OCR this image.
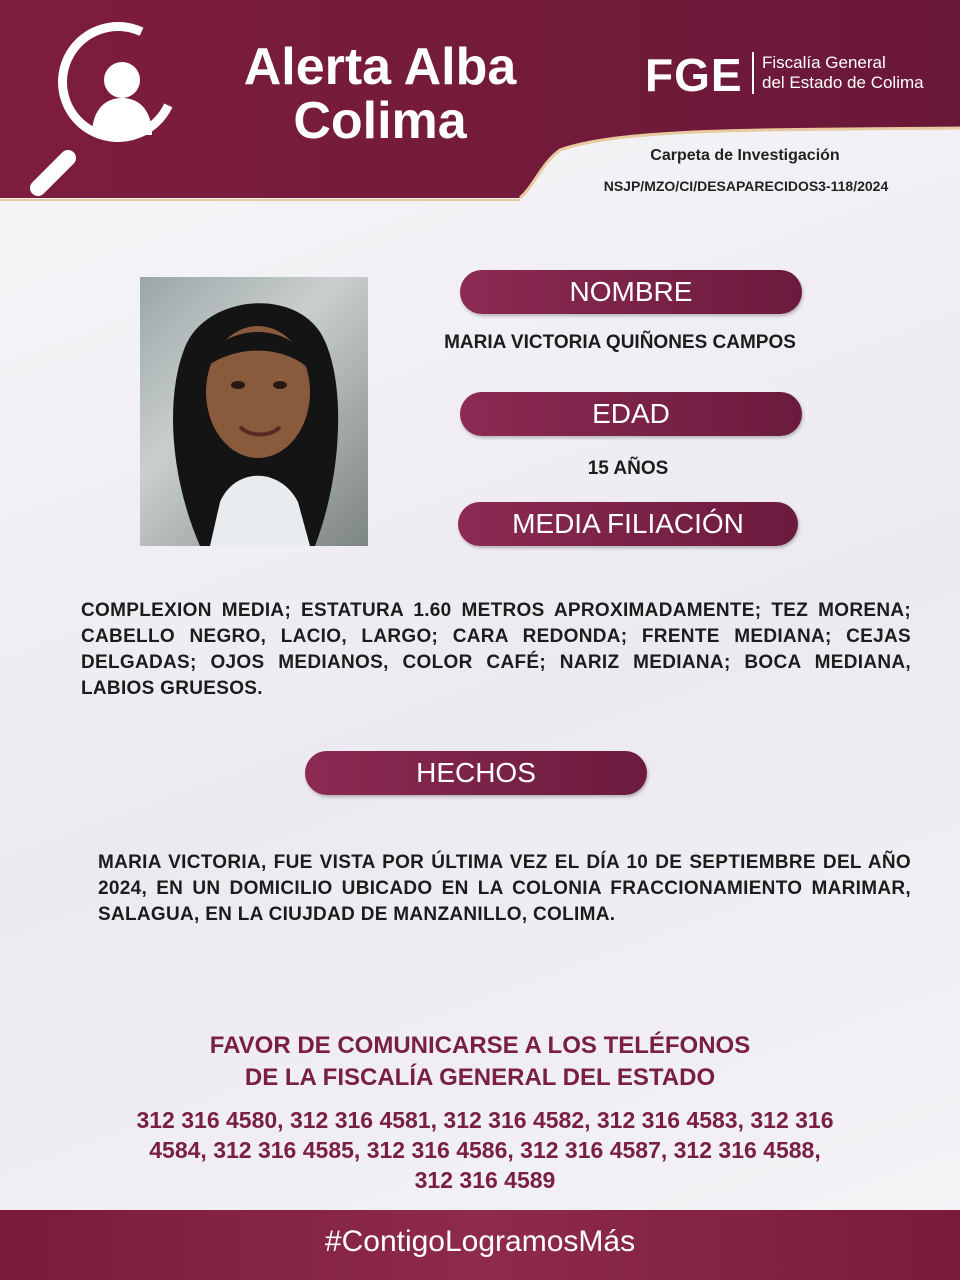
Alerta Alba
Colima
FGE Fiscalía General
del Estado de Colima
Carpeta de Investigación
NSJP/MZO/CI/DESAPARECIDOS3-118/2024
NOMBRE
MARIA VICTORIA QUIÑONES CAMPOS
EDAD
15 AÑOS
MEDIA FILIACIÓN
COMPLEXION MEDIA; ESTATURA 1.60 METROS APROXIMADAMENTE; TEZ MORENA; CABELLO NEGRO, LACIO, LARGO; CARA REDONDA; FRENTE MEDIANA; CEJAS DELGADAS; OJOS MEDIANOS, COLOR CAFÉ; NARIZ MEDIANA; BOCA MEDIANA, LABIOS GRUESOS.
HECHOS
MARIA VICTORIA, FUE VISTA POR ÚLTIMA VEZ EL DÍA 10 DE SEPTIEMBRE DEL AÑO 2024, EN UN DOMICILIO UBICADO EN LA COLONIA FRACCIONAMIENTO MARIMAR, SALAGUA, EN LA CIUJDAD DE MANZANILLO, COLIMA.
FAVOR DE COMUNICARSE A LOS TELÉFONOS
DE LA FISCALÍA GENERAL DEL ESTADO
312 316 4580, 312 316 4581, 312 316 4582, 312 316 4583, 312 316
4584, 312 316 4585, 312 316 4586, 312 316 4587, 312 316 4588,
312 316 4589
#ContigoLogramosMás
